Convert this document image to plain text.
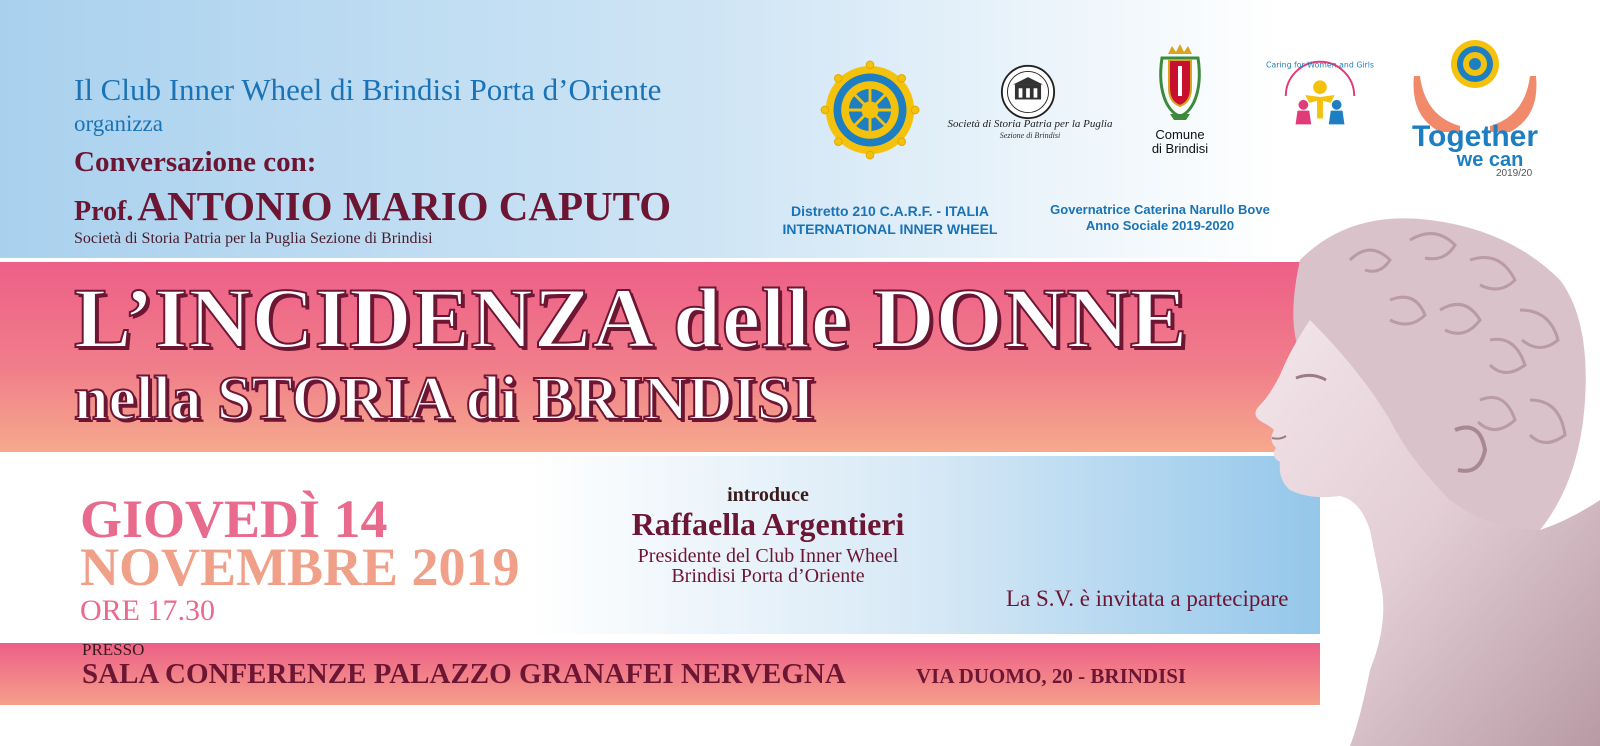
Il Club Inner Wheel di Brindisi Porta d’Oriente
organizza
Conversazione con:
Prof. ANTONIO MARIO CAPUTO
Società di Storia Patria per la Puglia Sezione di Brindisi
Società di Storia Patria per la Puglia
Sezione di Brindisi	Comune
di Brindisi
Caring for Women and Girls
Together
we can
2019/20
Distretto 210 C.A.R.F. - ITALIA
INTERNATIONAL INNER WHEEL
Governatrice Caterina Narullo Bove
Anno Sociale 2019-2020
L’INCIDENZA delle DONNE
nella STORIA di BRINDISI
GIOVEDÌ 14
NOVEMBRE 2019
ORE 17.30
introduce
Raffaella Argentieri
Presidente del Club Inner Wheel
Brindisi Porta d’Oriente
La S.V. è invitata a partecipare
PRESSO
SALA CONFERENZE PALAZZO GRANAFEI NERVEGNA	VIA DUOMO, 20 - BRINDISI
